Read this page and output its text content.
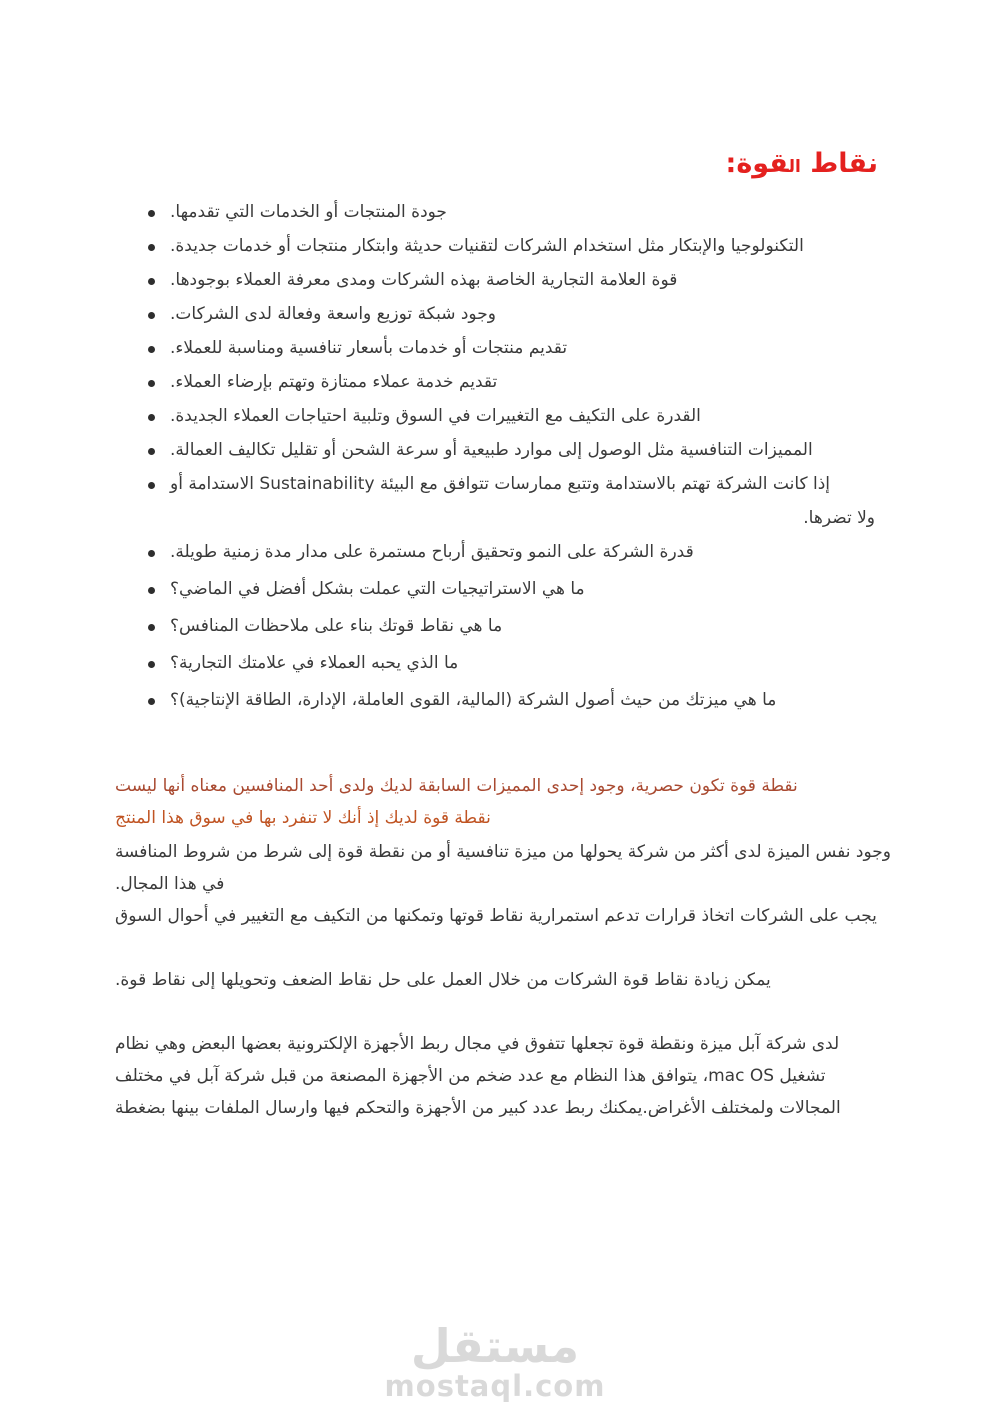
نقاط القوة:
جودة المنتجات أو الخدمات التي تقدمها.
التكنولوجيا والإبتكار مثل استخدام الشركات لتقنيات حديثة وابتكار منتجات أو خدمات جديدة.
قوة العلامة التجارية الخاصة بهذه الشركات ومدى معرفة العملاء بوجودها.
وجود شبكة توزيع واسعة وفعالة لدى الشركات.
تقديم منتجات أو خدمات بأسعار تنافسية ومناسبة للعملاء.
تقديم خدمة عملاء ممتازة وتهتم بإرضاء العملاء.
القدرة على التكيف مع التغييرات في السوق وتلبية احتياجات العملاء الجديدة.
المميزات التنافسية مثل الوصول إلى موارد طبيعية أو سرعة الشحن أو تقليل تكاليف العمالة.
إذا كانت الشركة تهتم بالاستدامة وتتبع ممارسات تتوافق مع البيئة Sustainability الاستدامة أو
ولا تضرها.
قدرة الشركة على النمو وتحقيق أرباح مستمرة على مدار مدة زمنية طويلة.
ما هي الاستراتيجيات التي عملت بشكل أفضل في الماضي؟
ما هي نقاط قوتك بناء على ملاحظات المنافس؟
ما الذي يحبه العملاء في علامتك التجارية؟
ما هي ميزتك من حيث أصول الشركة (المالية، القوى العاملة، الإدارة، الطاقة الإنتاجية)؟
نقطة قوة تكون حصرية، وجود إحدى المميزات السابقة لديك ولدى أحد المنافسين معناه أنها ليست
نقطة قوة لديك إذ أنك لا تنفرد بها في سوق هذا المنتج
وجود نفس الميزة لدى أكثر من شركة يحولها من ميزة تنافسية أو من نقطة قوة إلى شرط من شروط المنافسة
في هذا المجال.
يجب على الشركات اتخاذ قرارات تدعم استمرارية نقاط قوتها وتمكنها من التكيف مع التغيير في أحوال السوق
يمكن زيادة نقاط قوة الشركات من خلال العمل على حل نقاط الضعف وتحويلها إلى نقاط قوة.
لدى شركة آبل ميزة ونقطة قوة تجعلها تتفوق في مجال ربط الأجهزة الإلكترونية بعضها البعض وهي نظام
تشغيل mac OS، يتوافق هذا النظام مع عدد ضخم من الأجهزة المصنعة من قبل شركة آبل في مختلف
المجالات ولمختلف الأغراض.يمكنك ربط عدد كبير من الأجهزة والتحكم فيها وارسال الملفات بينها بضغطة
مستقل
mostaql.com
